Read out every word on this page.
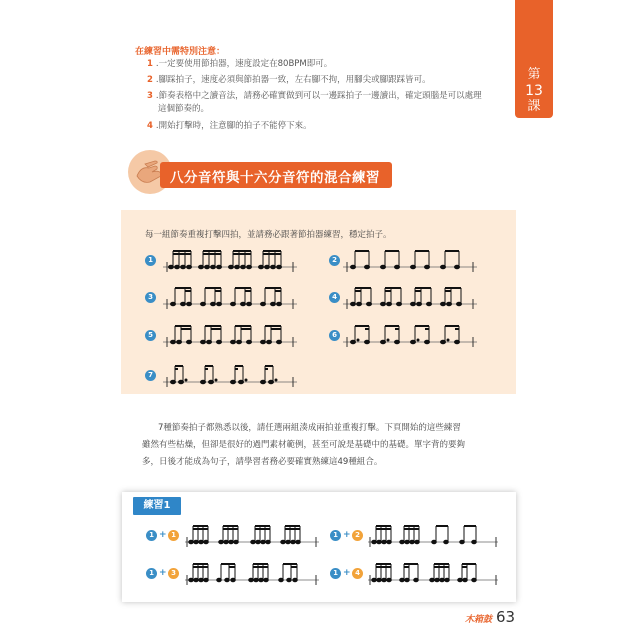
第
13
課
在練習中需特別注意：
1 .一定要使用節拍器，速度設定在80BPM即可。
2 .腳踩拍子，速度必須與節拍器一致，左右腳不拘，用腳尖或腳跟踩皆可。
3 .節奏表格中之讀音法，請務必確實做到可以一邊踩拍子一邊讀出，確定頭腦是可以處理
這個節奏的。
4 .開始打擊時，注意腳的拍子不能停下來。
八分音符與十六分音符的混合練習
每一組節奏重複打擊四拍，並請務必跟著節拍器練習，穩定拍子。
1	2
3	4
5	6
7
7種節奏拍子都熟悉以後，請任選兩組湊成兩拍並重複打擊。下頁開始的這些練習
雖然有些枯燥，但卻是很好的過門素材範例，甚至可說是基礎中的基礎。單字背的要夠
多，日後才能成為句子，請學習者務必要確實熟練這49種組合。
練習1
1 + 1	1 + 2
1 + 3	1 + 4
木箱鼓 63
